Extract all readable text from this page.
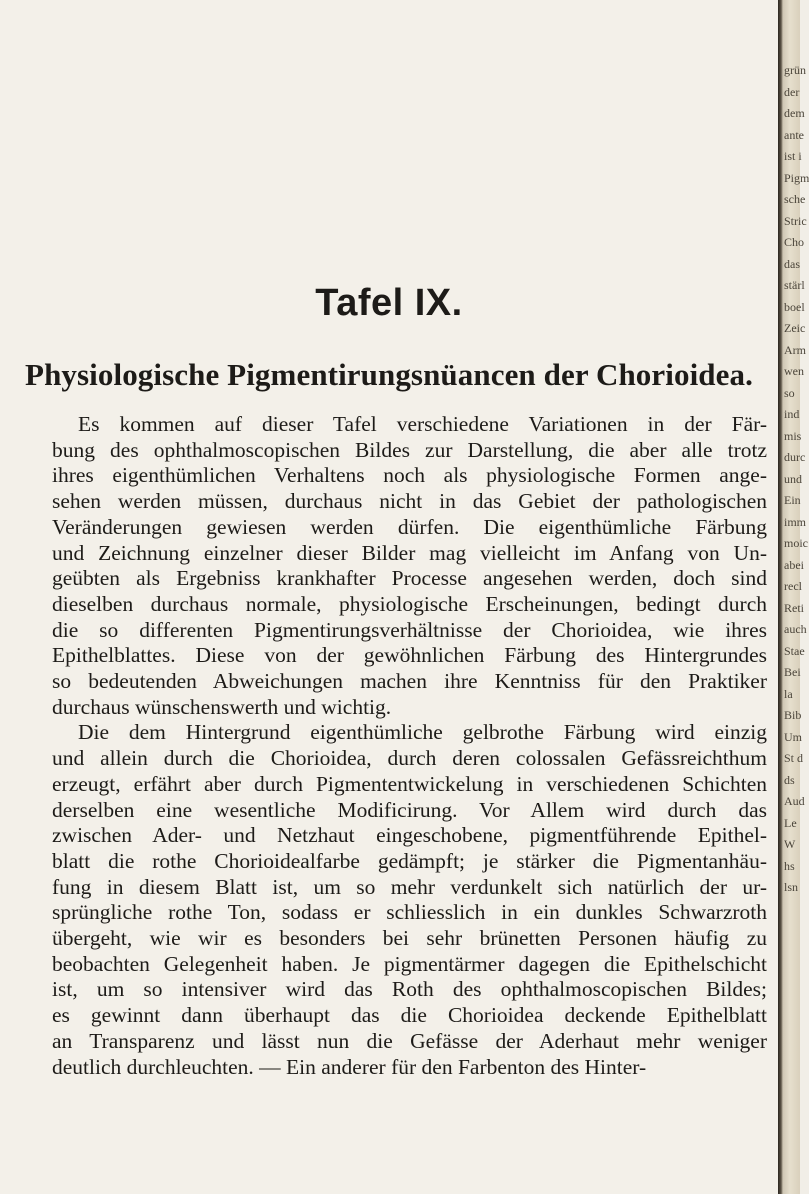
Tafel IX.
Physiologische Pigmentirungsnüancen der Chorioidea.
Es kommen auf dieser Tafel verschiedene Variationen in der Fär-
bung des ophthalmoscopischen Bildes zur Darstellung, die aber alle trotz
ihres eigenthümlichen Verhaltens noch als physiologische Formen ange-
sehen werden müssen, durchaus nicht in das Gebiet der pathologischen
Veränderungen gewiesen werden dürfen. Die eigenthümliche Färbung
und Zeichnung einzelner dieser Bilder mag vielleicht im Anfang von Un-
geübten als Ergebniss krankhafter Processe angesehen werden, doch sind
dieselben durchaus normale, physiologische Erscheinungen, bedingt durch
die so differenten Pigmentirungsverhältnisse der Chorioidea, wie ihres
Epithelblattes. Diese von der gewöhnlichen Färbung des Hintergrundes
so bedeutenden Abweichungen machen ihre Kenntniss für den Praktiker
durchaus wünschenswerth und wichtig.
Die dem Hintergrund eigenthümliche gelbrothe Färbung wird einzig
und allein durch die Chorioidea, durch deren colossalen Gefässreichthum
erzeugt, erfährt aber durch Pigmententwickelung in verschiedenen Schichten
derselben eine wesentliche Modificirung. Vor Allem wird durch das
zwischen Ader- und Netzhaut eingeschobene, pigmentführende Epithel-
blatt die rothe Chorioidealfarbe gedämpft; je stärker die Pigmentanhäu-
fung in diesem Blatt ist, um so mehr verdunkelt sich natürlich der ur-
sprüngliche rothe Ton, sodass er schliesslich in ein dunkles Schwarzroth
übergeht, wie wir es besonders bei sehr brünetten Personen häufig zu
beobachten Gelegenheit haben. Je pigmentärmer dagegen die Epithelschicht
ist, um so intensiver wird das Roth des ophthalmoscopischen Bildes;
es gewinnt dann überhaupt das die Chorioidea deckende Epithelblatt
an Transparenz und lässt nun die Gefässe der Aderhaut mehr weniger
deutlich durchleuchten. — Ein anderer für den Farbenton des Hinter-
grün
der
dem
ante
ist i
Pigm
sche
Stric
Cho
das
stärl
boel
Zeic
Arm
wen
so
ind
mis
durc
und
Ein
imm
moic
abei
recl
Reti
auch
Stae
Bei
la
Bib
Um
St d
ds
Aud
Le
W
hs
lsn
